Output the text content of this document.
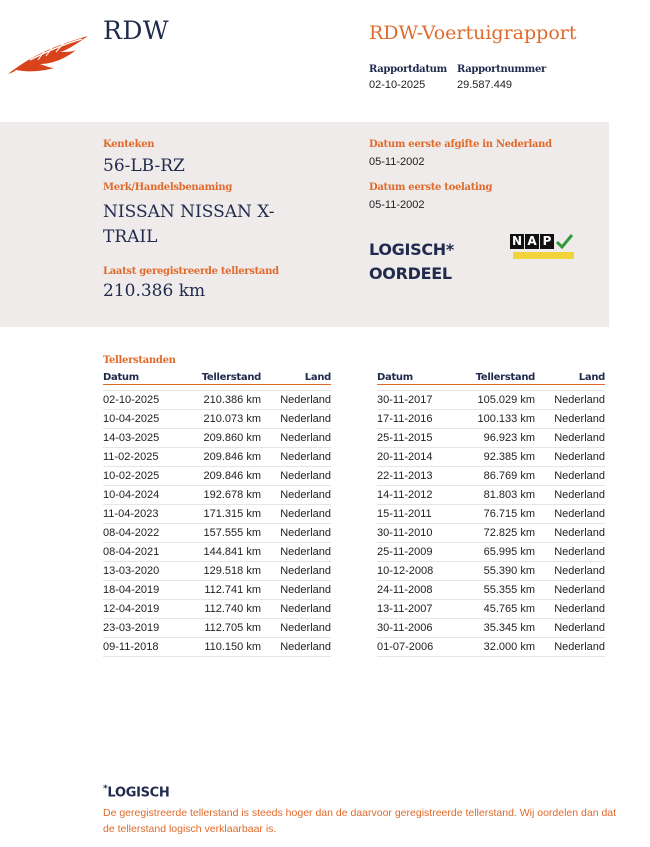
RDW	RDW-Voertuigrapport
Rapportdatum
02-10-2025
Rapportnummer
29.587.449
Kenteken
56-LB-RZ
Merk/Handelsbenaming
NISSAN NISSAN X-
TRAIL
Laatst geregistreerde tellerstand
210.386 km
Datum eerste afgifte in Nederland
05-11-2002
Datum eerste toelating
05-11-2002
LOGISCH*
OORDEEL
N A P
Tellerstanden
Datum	Tellerstand	Land

02-10-2025	210.386 km	Nederland
10-04-2025	210.073 km	Nederland
14-03-2025	209.860 km	Nederland
11-02-2025	209.846 km	Nederland
10-02-2025	209.846 km	Nederland
10-04-2024	192.678 km	Nederland
11-04-2023	171.315 km	Nederland
08-04-2022	157.555 km	Nederland
08-04-2021	144.841 km	Nederland
13-03-2020	129.518 km	Nederland
18-04-2019	112.741 km	Nederland
12-04-2019	112.740 km	Nederland
23-03-2019	112.705 km	Nederland
09-11-2018	110.150 km	Nederland
Datum	Tellerstand	Land

30-11-2017	105.029 km	Nederland
17-11-2016	100.133 km	Nederland
25-11-2015	96.923 km	Nederland
20-11-2014	92.385 km	Nederland
22-11-2013	86.769 km	Nederland
14-11-2012	81.803 km	Nederland
15-11-2011	76.715 km	Nederland
30-11-2010	72.825 km	Nederland
25-11-2009	65.995 km	Nederland
10-12-2008	55.390 km	Nederland
24-11-2008	55.355 km	Nederland
13-11-2007	45.765 km	Nederland
30-11-2006	35.345 km	Nederland
01-07-2006	32.000 km	Nederland
*LOGISCH
De geregistreerde tellerstand is steeds hoger dan de daarvoor geregistreerde tellerstand. Wij oordelen dan dat de tellerstand logisch verklaarbaar is.
